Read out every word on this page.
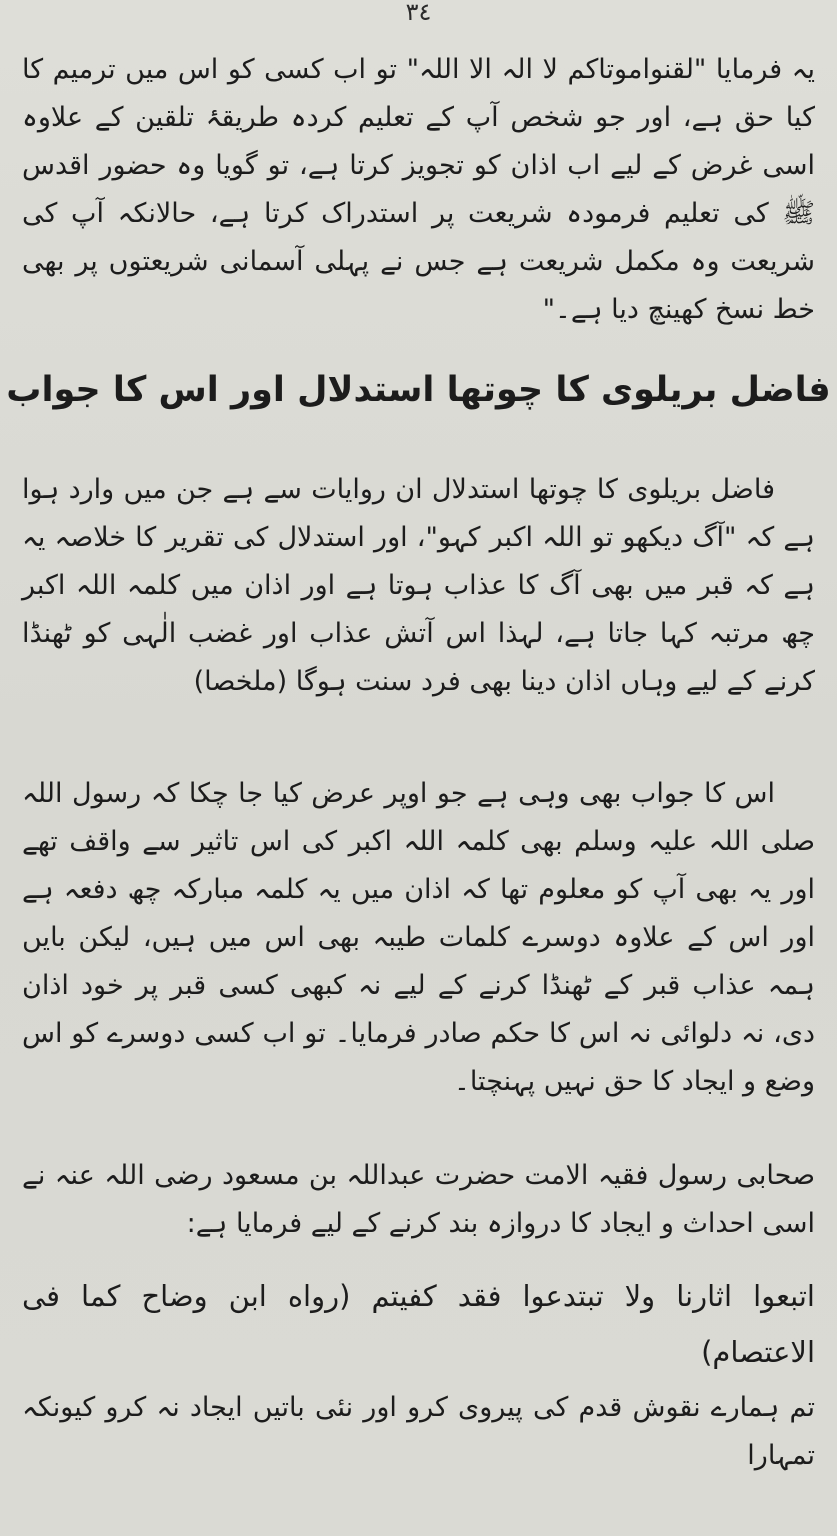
٣٤

یہ فرمایا "لقنواموتاکم لا الہ الا اللہ" تو اب کسی کو اس میں ترمیم کا کیا حق ہے، اور جو شخص آپ کے تعلیم کردہ طریقۂ تلقین کے علاوہ اسی غرض کے لیے اب اذان کو تجویز کرتا ہے، تو گویا وہ حضور اقدس ﷺ کی تعلیم فرمودہ شریعت پر استدراک کرتا ہے، حالانکہ آپ کی شریعت وہ مکمل شریعت ہے جس نے پہلی آسمانی شریعتوں پر بھی خط نسخ کھینچ دیا ہے۔"

فاضل بریلوی کا چوتھا استدلال اور اس کا جواب

فاضل بریلوی کا چوتھا استدلال ان روایات سے ہے جن میں وارد ہوا ہے کہ "آگ دیکھو تو اللہ اکبر کہو"، اور استدلال کی تقریر کا خلاصہ یہ ہے کہ قبر میں بھی آگ کا عذاب ہوتا ہے اور اذان میں کلمہ اللہ اکبر چھ مرتبہ کہا جاتا ہے، لہذا اس آتش عذاب اور غضب الٰہی کو ٹھنڈا کرنے کے لیے وہاں اذان دینا بھی فرد سنت ہوگا (ملخصا)

اس کا جواب بھی وہی ہے جو اوپر عرض کیا جا چکا کہ رسول اللہ صلی اللہ علیہ وسلم بھی کلمہ اللہ اکبر کی اس تاثیر سے واقف تھے اور یہ بھی آپ کو معلوم تھا کہ اذان میں یہ کلمہ مبارکہ چھ دفعہ ہے اور اس کے علاوہ دوسرے کلمات طیبہ بھی اس میں ہیں، لیکن بایں ہمہ عذاب قبر کے ٹھنڈا کرنے کے لیے نہ کبھی کسی قبر پر خود اذان دی، نہ دلوائی نہ اس کا حکم صادر فرمایا۔ تو اب کسی دوسرے کو اس وضع و ایجاد کا حق نہیں پہنچتا۔

صحابی رسول فقیہ الامت حضرت عبداللہ بن مسعود رضی اللہ عنہ نے اسی احداث و ایجاد کا دروازہ بند کرنے کے لیے فرمایا ہے:

اتبعوا اثارنا ولا تبتدعوا فقد كفيتم (رواه ابن وضاح كما فى الاعتصام)

تم ہمارے نقوش قدم کی پیروی کرو اور نئی باتیں ایجاد نہ کرو کیونکہ تمہارا
